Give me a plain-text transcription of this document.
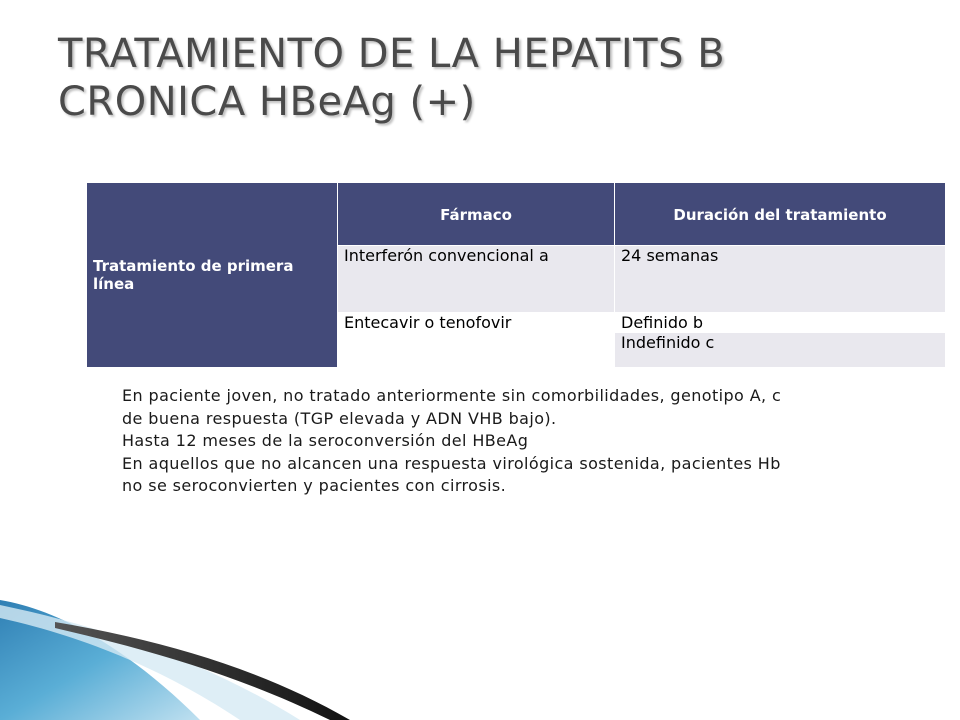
TRATAMIENTO DE LA HEPATITS B
CRONICA HBeAg (+)
Tratamiento de primera línea	Fármaco	Duración del tratamiento
	Interferón convencional a	24 semanas
	Entecavir o tenofovir	Definido b
		Indefinido c
En paciente joven, no tratado anteriormente sin comorbilidades, genotipo A, c
de buena respuesta (TGP elevada y ADN VHB bajo).
Hasta 12 meses de la seroconversión del HBeAg
En aquellos que no alcancen una respuesta virológica sostenida, pacientes Hb
no se seroconvierten y pacientes con cirrosis.
